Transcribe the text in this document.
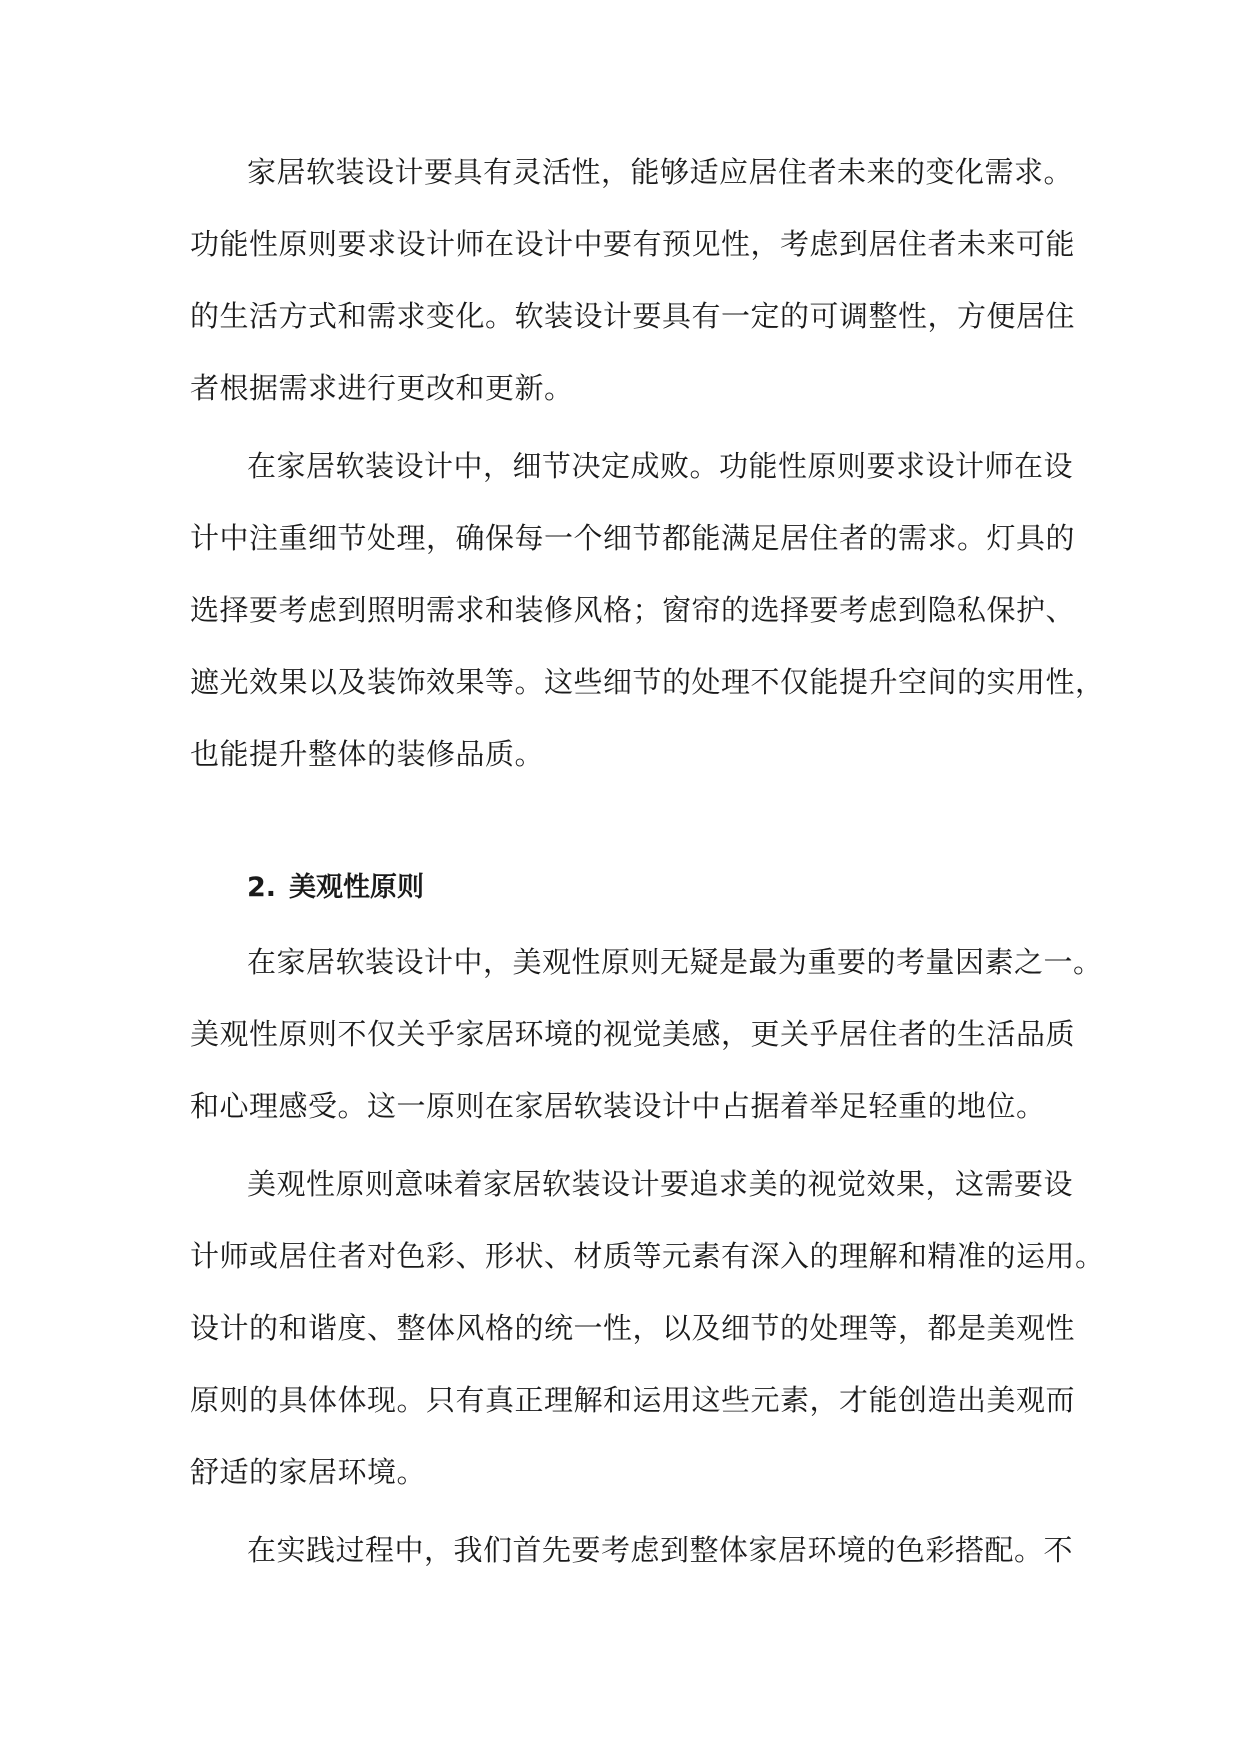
家居软装设计要具有灵活性，能够适应居住者未来的变化需求。
功能性原则要求设计师在设计中要有预见性，考虑到居住者未来可能
的生活方式和需求变化。软装设计要具有一定的可调整性，方便居住
者根据需求进行更改和更新。
在家居软装设计中，细节决定成败。功能性原则要求设计师在设
计中注重细节处理，确保每一个细节都能满足居住者的需求。灯具的
选择要考虑到照明需求和装修风格；窗帘的选择要考虑到隐私保护、
遮光效果以及装饰效果等。这些细节的处理不仅能提升空间的实用性，
也能提升整体的装修品质。
2. 美观性原则
在家居软装设计中，美观性原则无疑是最为重要的考量因素之一。
美观性原则不仅关乎家居环境的视觉美感，更关乎居住者的生活品质
和心理感受。这一原则在家居软装设计中占据着举足轻重的地位。
美观性原则意味着家居软装设计要追求美的视觉效果，这需要设
计师或居住者对色彩、形状、材质等元素有深入的理解和精准的运用。
设计的和谐度、整体风格的统一性，以及细节的处理等，都是美观性
原则的具体体现。只有真正理解和运用这些元素，才能创造出美观而
舒适的家居环境。
在实践过程中，我们首先要考虑到整体家居环境的色彩搭配。不
